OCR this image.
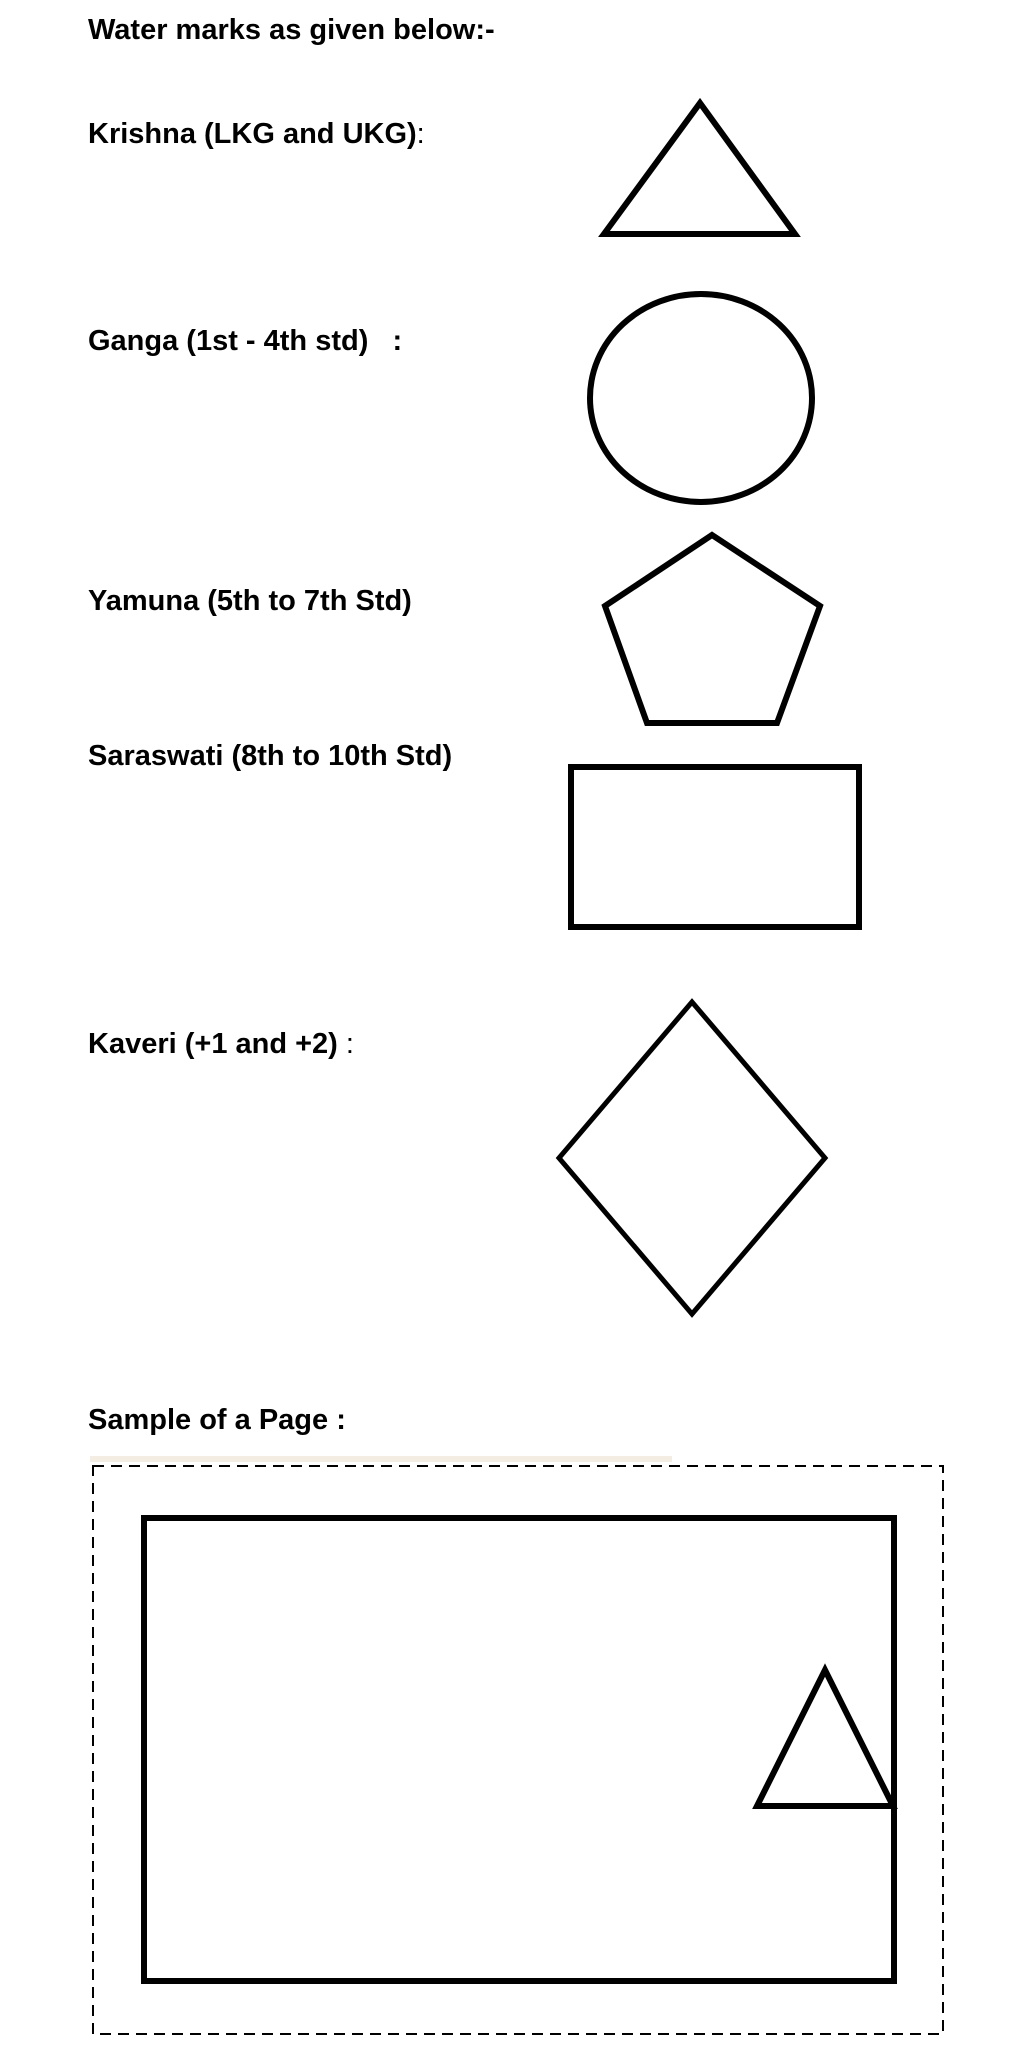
Water marks as given below:-
Krishna (LKG and UKG):
Ganga (1st - 4th std)   :
Yamuna (5th to 7th Std)
Saraswati (8th to 10th Std)
Kaveri (+1 and +2) :
Sample of a Page :
